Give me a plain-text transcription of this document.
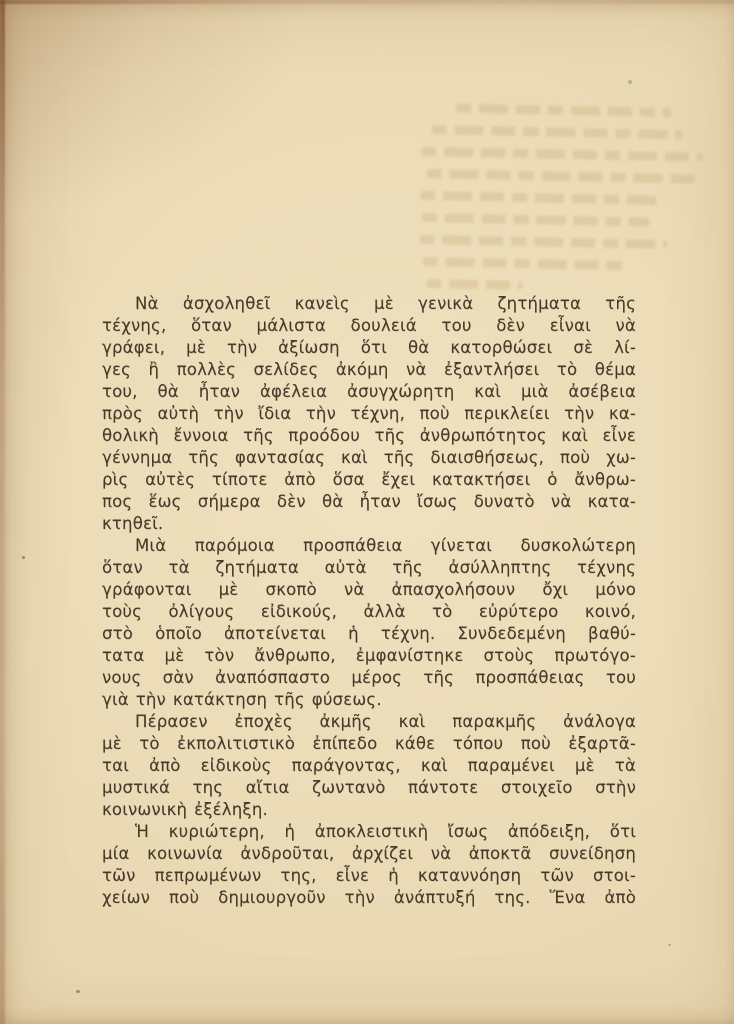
Νὰ ἀσχοληθεῖ κανεὶς μὲ γενικὰ ζητήματα τῆς
τέχνης, ὅταν μάλιστα δουλειά του δὲν εἶναι νὰ
γράφει, μὲ τὴν ἀξίωση ὅτι θὰ κατορθώσει σὲ λί-
γες ἢ πολλὲς σελίδες ἀκόμη νὰ ἐξαντλήσει τὸ θέμα
του, θὰ ἦταν ἀφέλεια ἀσυγχώρητη καὶ μιὰ ἀσέβεια
πρὸς αὐτὴ τὴν ἴδια τὴν τέχνη, ποὺ περικλείει τὴν κα-
θολικὴ ἔννοια τῆς προόδου τῆς ἀνθρωπότητος καὶ εἶνε
γέννημα τῆς φαντασίας καὶ τῆς διαισθήσεως, ποὺ χω-
ρὶς αὐτὲς τίποτε ἀπὸ ὅσα ἔχει κατακτήσει ὁ ἄνθρω-
πος ἕως σήμερα δὲν θὰ ἦταν ἴσως δυνατὸ νὰ κατα-
κτηθεῖ.
Μιὰ παρόμοια προσπάθεια γίνεται δυσκολώτερη
ὅταν τὰ ζητήματα αὐτὰ τῆς ἀσύλληπτης τέχνης
γράφονται μὲ σκοπὸ νὰ ἀπασχολήσουν ὄχι μόνο
τοὺς ὀλίγους εἰδικούς, ἀλλὰ τὸ εὐρύτερο κοινό,
στὸ ὁποῖο ἀποτείνεται ἡ τέχνη. Συνδεδεμένη βαθύ-
τατα μὲ τὸν ἄνθρωπο, ἐμφανίστηκε στοὺς πρωτόγο-
νους σὰν ἀναπόσπαστο μέρος τῆς προσπάθειας του
γιὰ τὴν κατάκτηση τῆς φύσεως.
Πέρασεν ἐποχὲς ἀκμῆς καὶ παρακμῆς ἀνάλογα
μὲ τὸ ἐκπολιτιστικὸ ἐπίπεδο κάθε τόπου ποὺ ἐξαρτᾶ-
ται ἀπὸ εἰδικοὺς παράγοντας, καὶ παραμένει μὲ τὰ
μυστικά της αἴτια ζωντανὸ πάντοτε στοιχεῖο στὴν
κοινωνικὴ ἐξέληξη.
Ἡ κυριώτερη, ἡ ἀποκλειστικὴ ἴσως ἀπόδειξη, ὅτι
μία κοινωνία ἀνδροῦται, ἀρχίζει νὰ ἀποκτᾶ συνείδηση
τῶν πεπρωμένων της, εἶνε ἡ καταννόηση τῶν στοι-
χείων ποὺ δημιουργοῦν τὴν ἀνάπτυξή της. Ἕνα ἀπὸ
